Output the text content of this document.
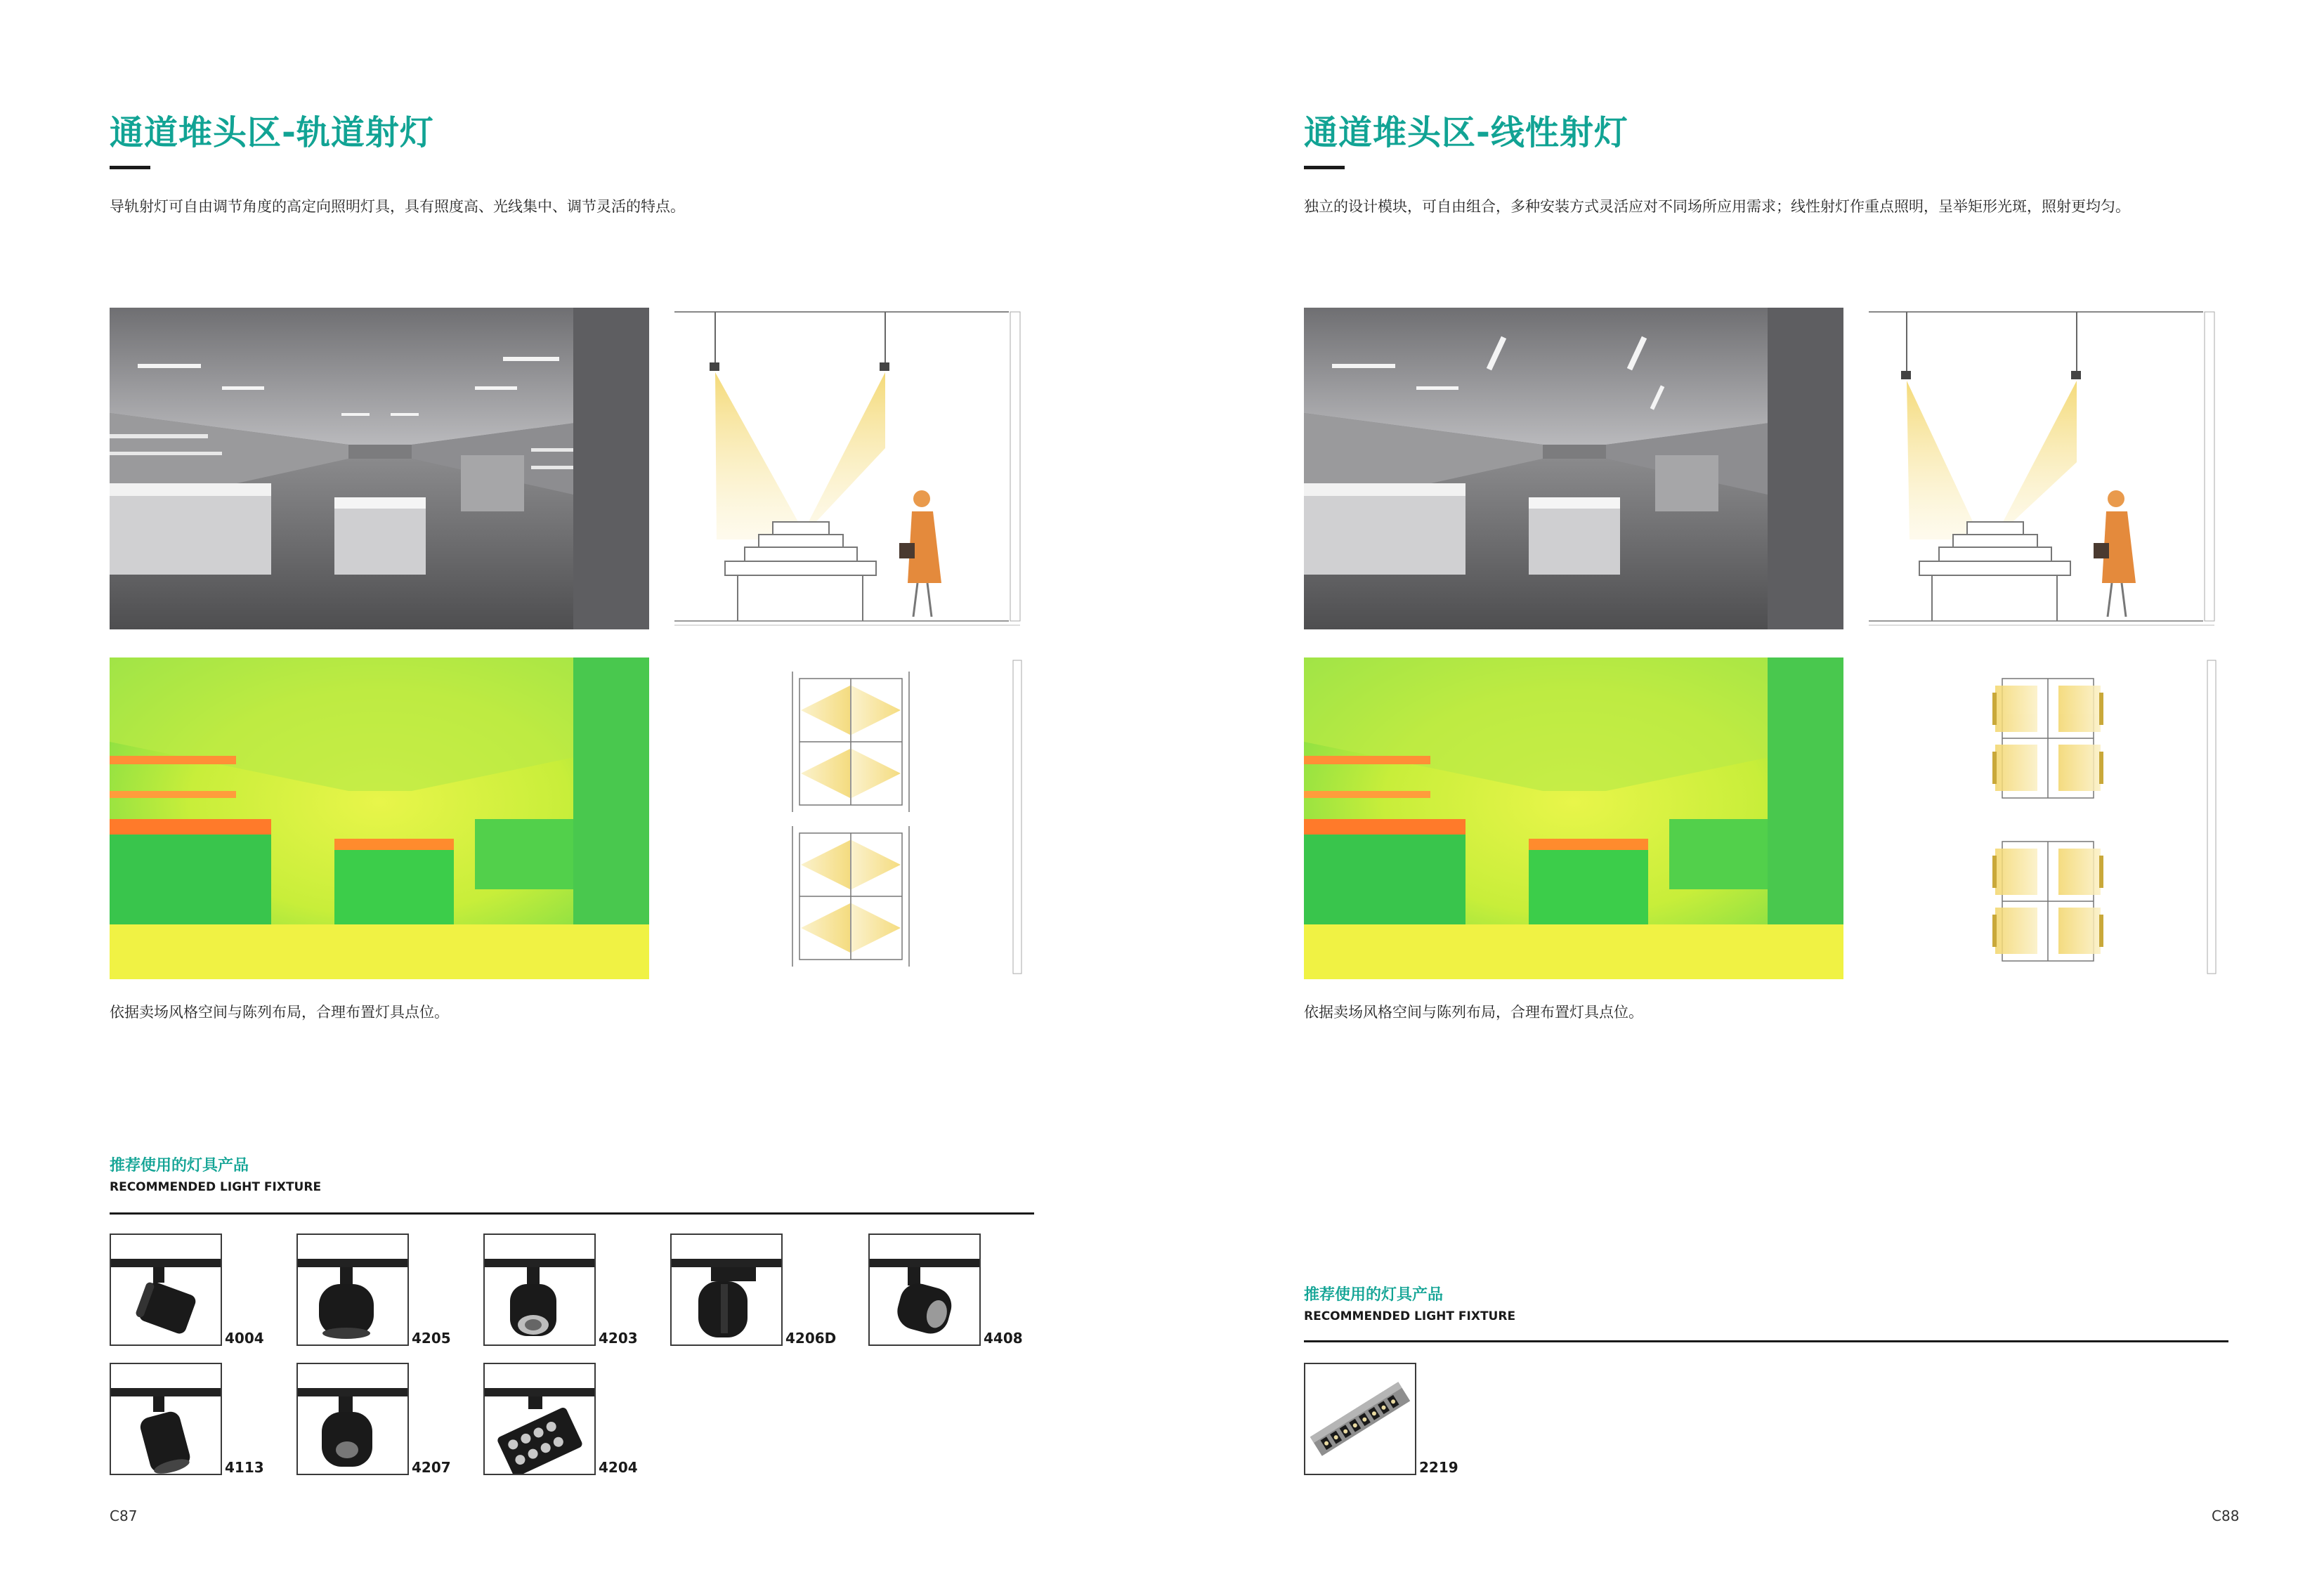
通道堆头区-轨道射灯
导轨射灯可自由调节角度的高定向照明灯具，具有照度高、光线集中、调节灵活的特点。
依据卖场风格空间与陈列布局，合理布置灯具点位。
推荐使用的灯具产品
RECOMMENDED LIGHT FIXTURE
4004	4205	4203	4206D	4408
4113	4207	4204
C87
通道堆头区-线性射灯
独立的设计模块，可自由组合，多种安装方式灵活应对不同场所应用需求；线性射灯作重点照明，呈举矩形光斑，照射更均匀。
依据卖场风格空间与陈列布局，合理布置灯具点位。
推荐使用的灯具产品
RECOMMENDED LIGHT FIXTURE
2219
C88
